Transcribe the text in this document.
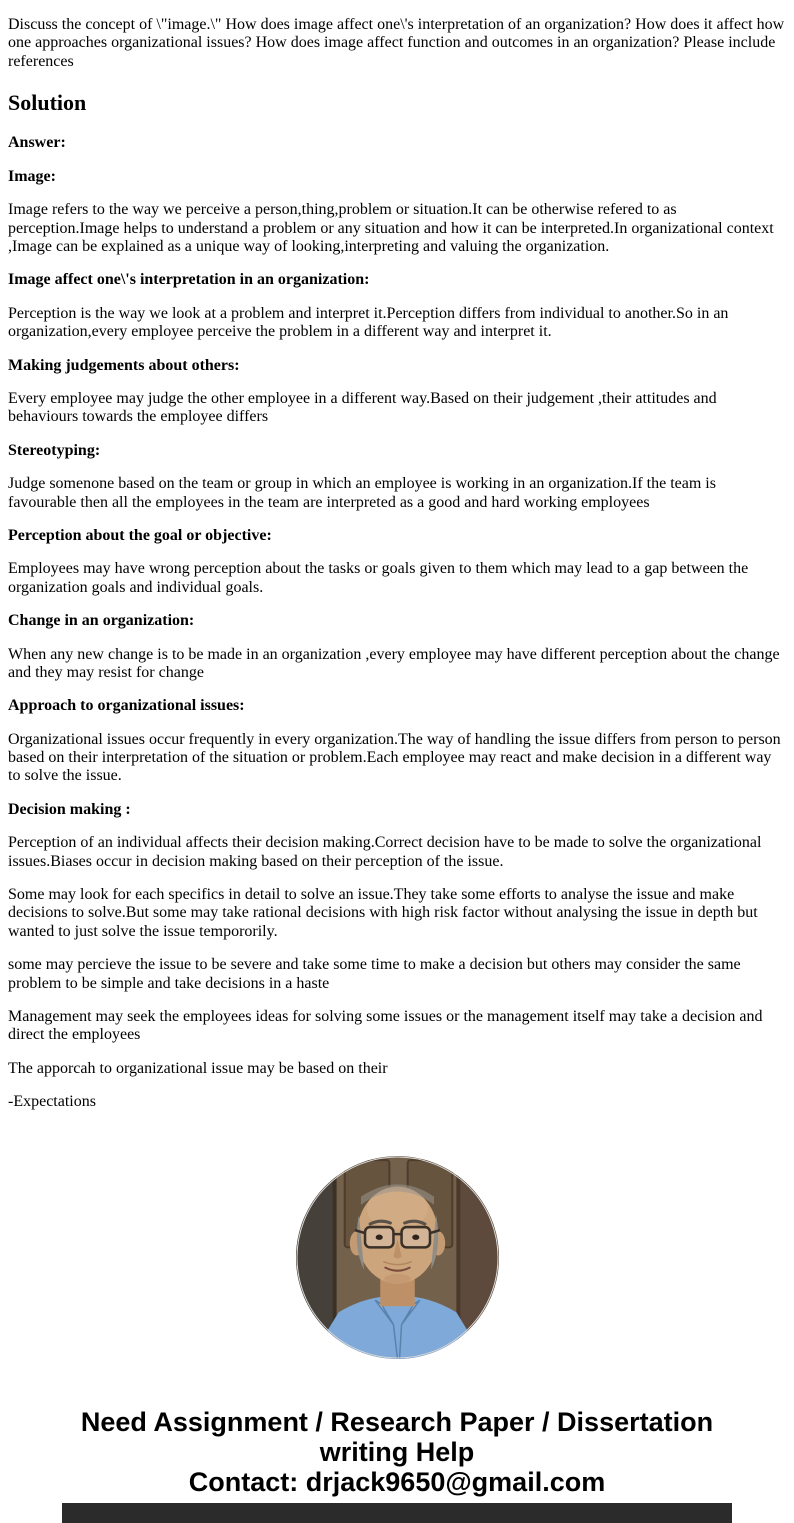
Discuss the concept of \"image.\" How does image affect one\'s interpretation of an organization? How does it affect how one approaches organizational issues? How does image affect function and outcomes in an organization? Please include references

Solution

Answer:

Image:

Image refers to the way we perceive a person,thing,problem or situation.It can be otherwise refered to as perception.Image helps to understand a problem or any situation and how it can be interpreted.In organizational context ,Image can be explained as a unique way of looking,interpreting and valuing the organization.

Image affect one\'s interpretation in an organization:

Perception is the way we look at a problem and interpret it.Perception differs from individual to another.So in an organization,every employee perceive the problem in a different way and interpret it.

Making judgements about others:

Every employee may judge the other employee in a different way.Based on their judgement ,their attitudes and behaviours towards the employee differs

Stereotyping:

Judge somenone based on the team or group in which an employee is working in an organization.If the team is favourable then all the employees in the team are interpreted as a good and hard working employees

Perception about the goal or objective:

Employees may have wrong perception about the tasks or goals given to them which may lead to a gap between the organization goals and individual goals.

Change in an organization:

When any new change is to be made in an organization ,every employee may have different perception about the change and they may resist for change

Approach to organizational issues:

Organizational issues occur frequently in every organization.The way of handling the issue differs from person to person based on their interpretation of the situation or problem.Each employee may react and make decision in a different way to solve the issue.

Decision making :

Perception of an individual affects their decision making.Correct decision have to be made to solve the organizational issues.Biases occur in decision making based on their perception of the issue.

Some may look for each specifics in detail to solve an issue.They take some efforts to analyse the issue and make decisions to solve.But some may take rational decisions with high risk factor without analysing the issue in depth but wanted to just solve the issue tempororily.

some may percieve the issue to be severe and take some time to make a decision but others may consider the same problem to be simple and take decisions in a haste

Management may seek the employees ideas for solving some issues or the management itself may take a decision and direct the employees

The apporcah to organizational issue may be based on their

-Expectations

Need Assignment / Research Paper / Dissertation
writing Help
Contact: drjack9650@gmail.com
